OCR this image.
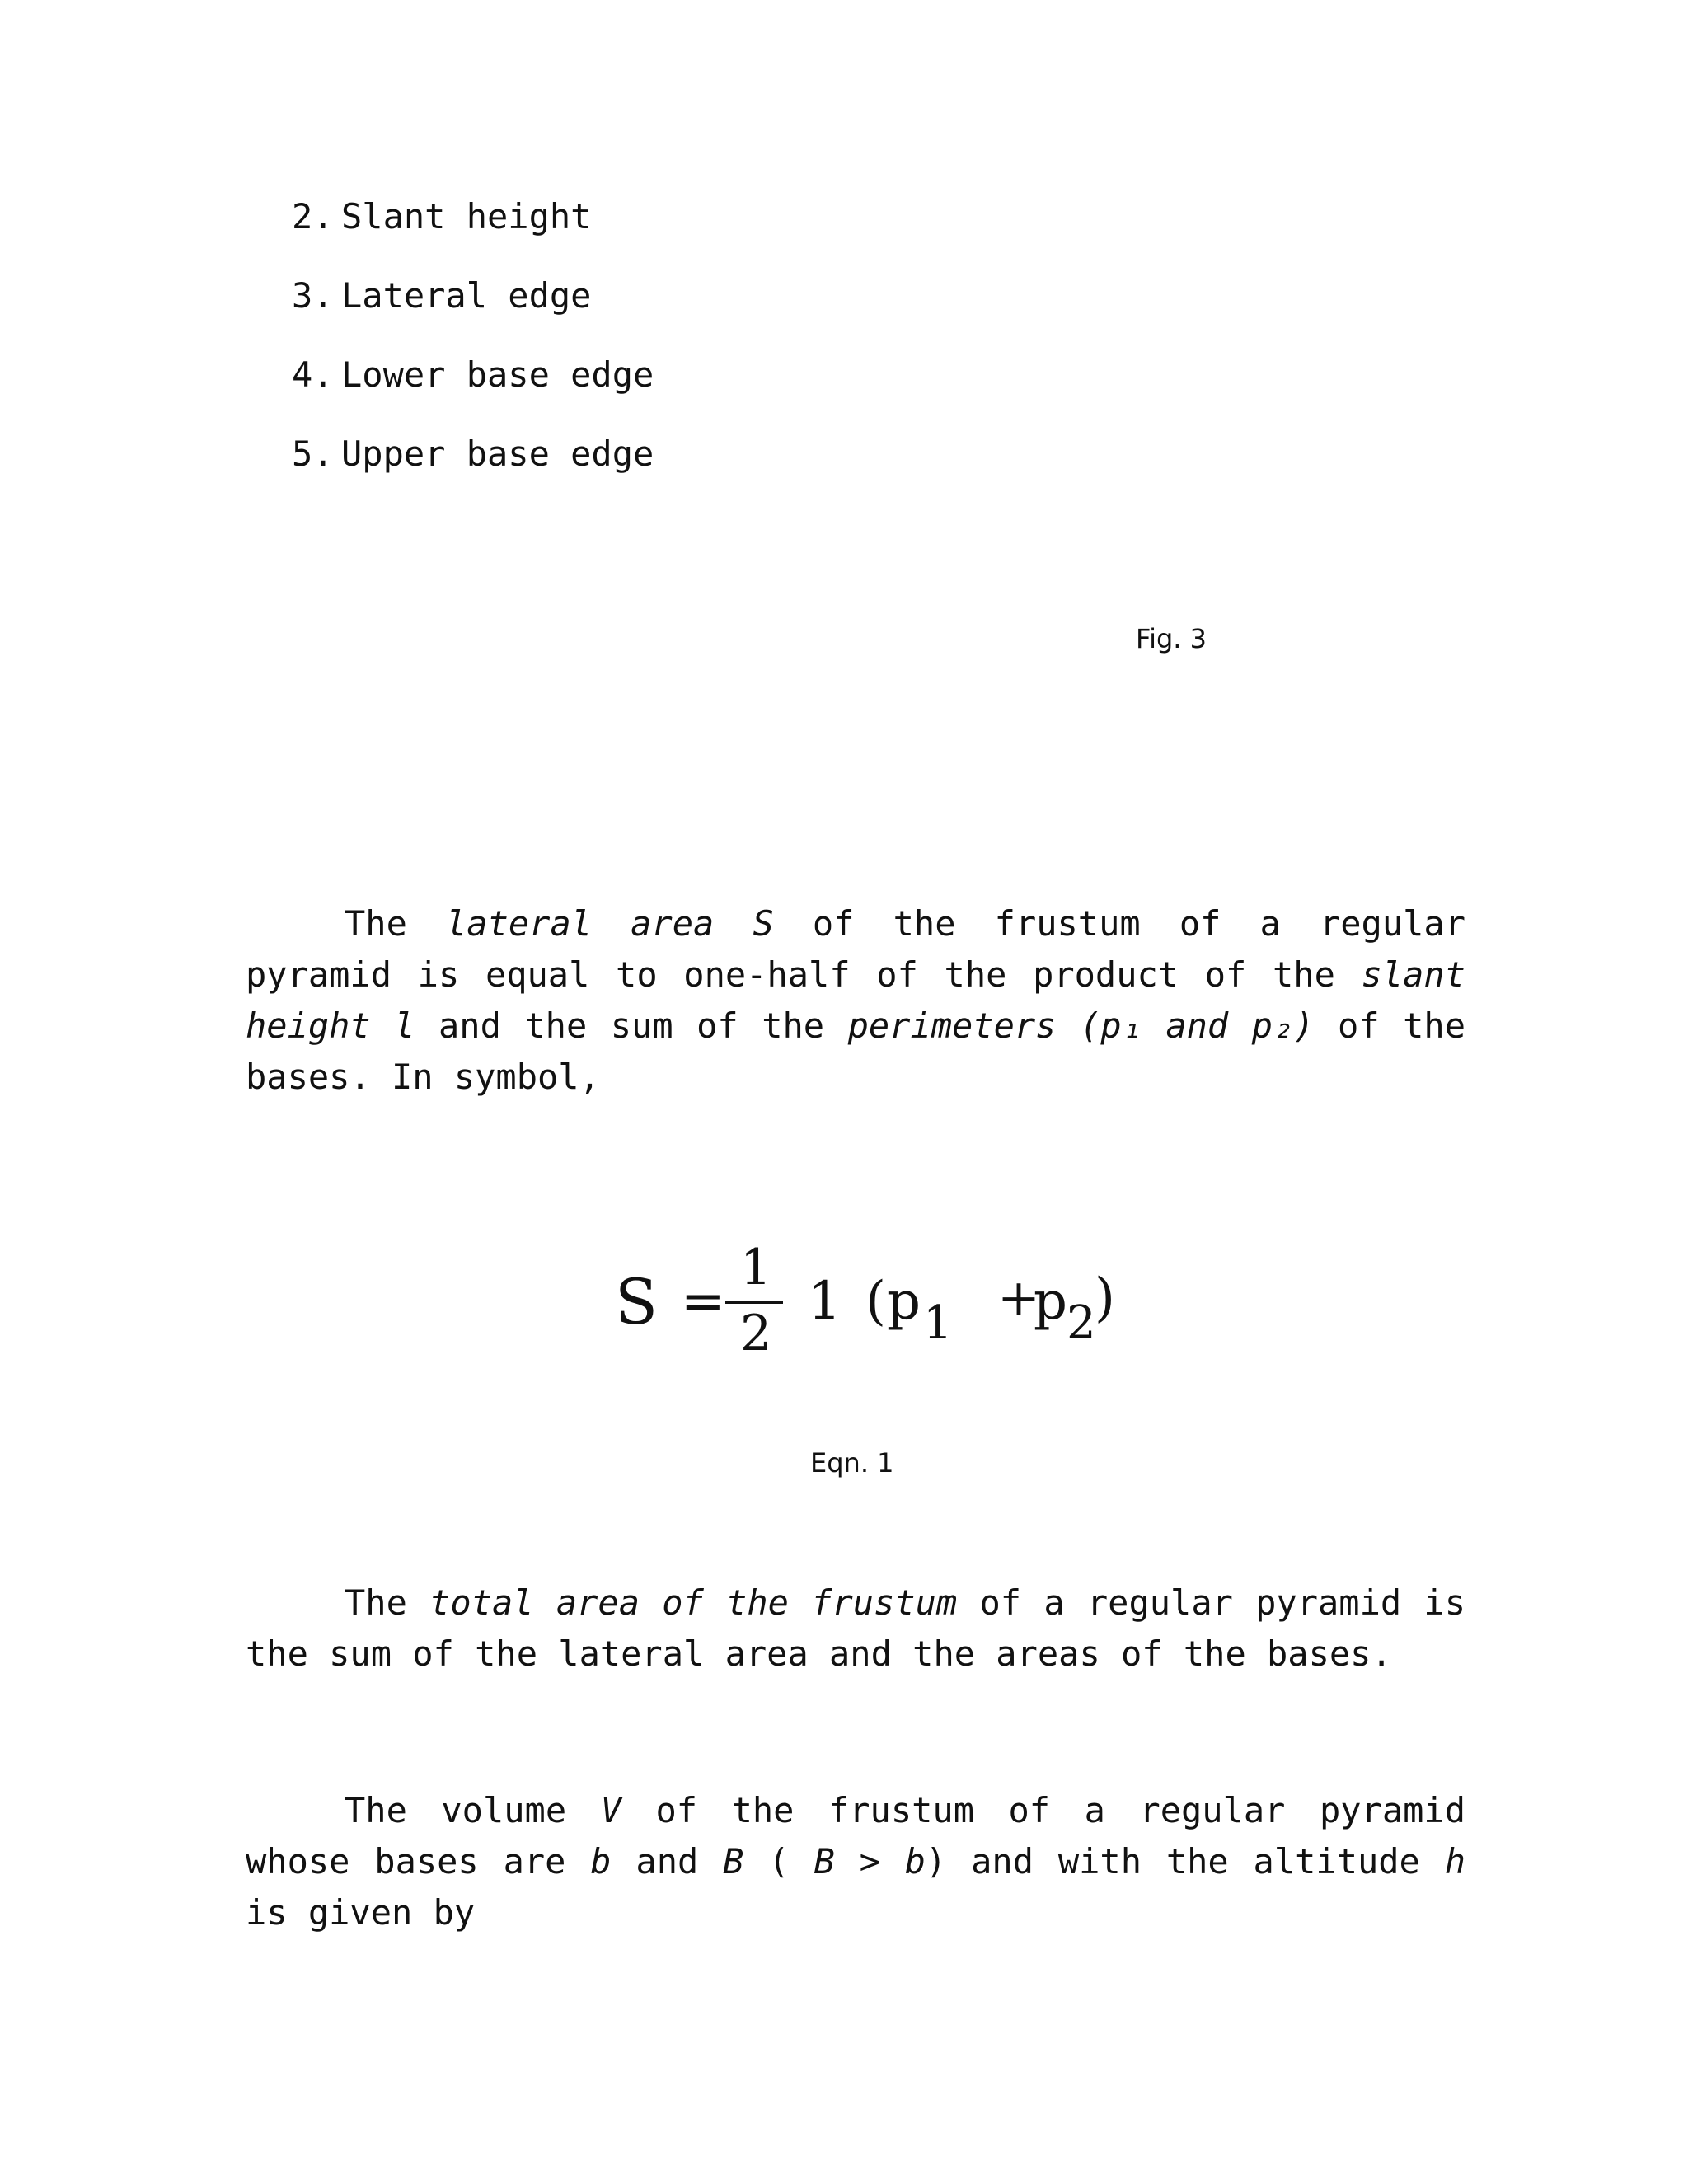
2. Slant height
3. Lateral edge
4. Lower base edge
5. Upper base edge
Fig. 3

The lateral area S of the frustum of a regular pyramid is equal to one-half of the product of the slant height l and the sum of the perimeters (p₁ and p₂) of the bases. In symbol,

S =
1
2
1 ( p 1 +
p 2
)
Eqn. 1

The total area of the frustum of a regular pyramid is the sum of the lateral area and the areas of the bases.

The volume V of the frustum of a regular pyramid whose bases are b and B ( B > b) and with the altitude h is given by
